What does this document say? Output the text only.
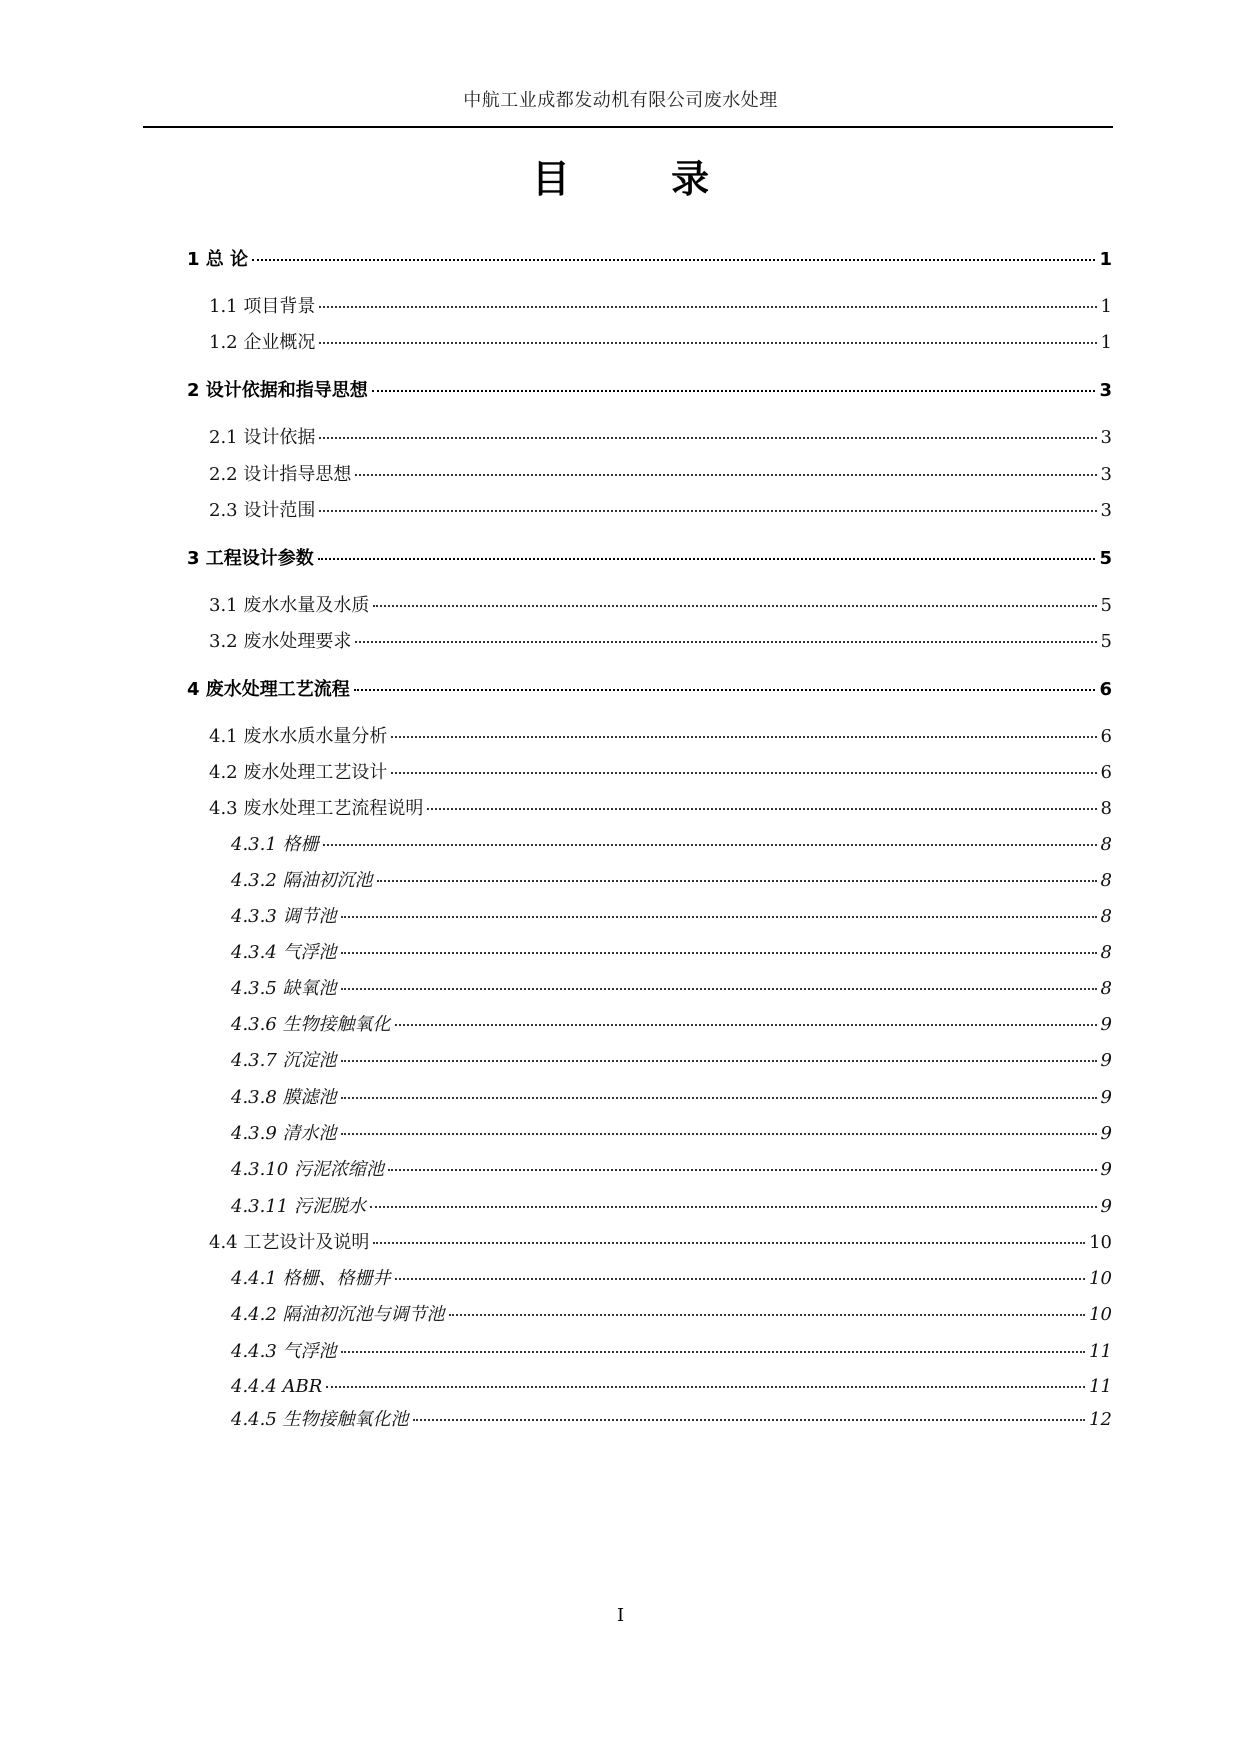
中航工业成都发动机有限公司废水处理
目 录
1 总 论	1
1.1 项目背景	1
1.2 企业概况	1
2 设计依据和指导思想	3
2.1 设计依据	3
2.2 设计指导思想	3
2.3 设计范围	3
3 工程设计参数	5
3.1 废水水量及水质	5
3.2 废水处理要求	5
4 废水处理工艺流程	6
4.1 废水水质水量分析	6
4.2 废水处理工艺设计	6
4.3 废水处理工艺流程说明	8
4.3.1 格栅	8
4.3.2 隔油初沉池	8
4.3.3 调节池	8
4.3.4 气浮池	8
4.3.5 缺氧池	8
4.3.6 生物接触氧化	9
4.3.7 沉淀池	9
4.3.8 膜滤池	9
4.3.9 清水池	9
4.3.10 污泥浓缩池	9
4.3.11 污泥脱水	9
4.4 工艺设计及说明	10
4.4.1 格栅、格栅井	10
4.4.2 隔油初沉池与调节池	10
4.4.3 气浮池	11
4.4.4 ABR	11
4.4.5 生物接触氧化池	12
I
